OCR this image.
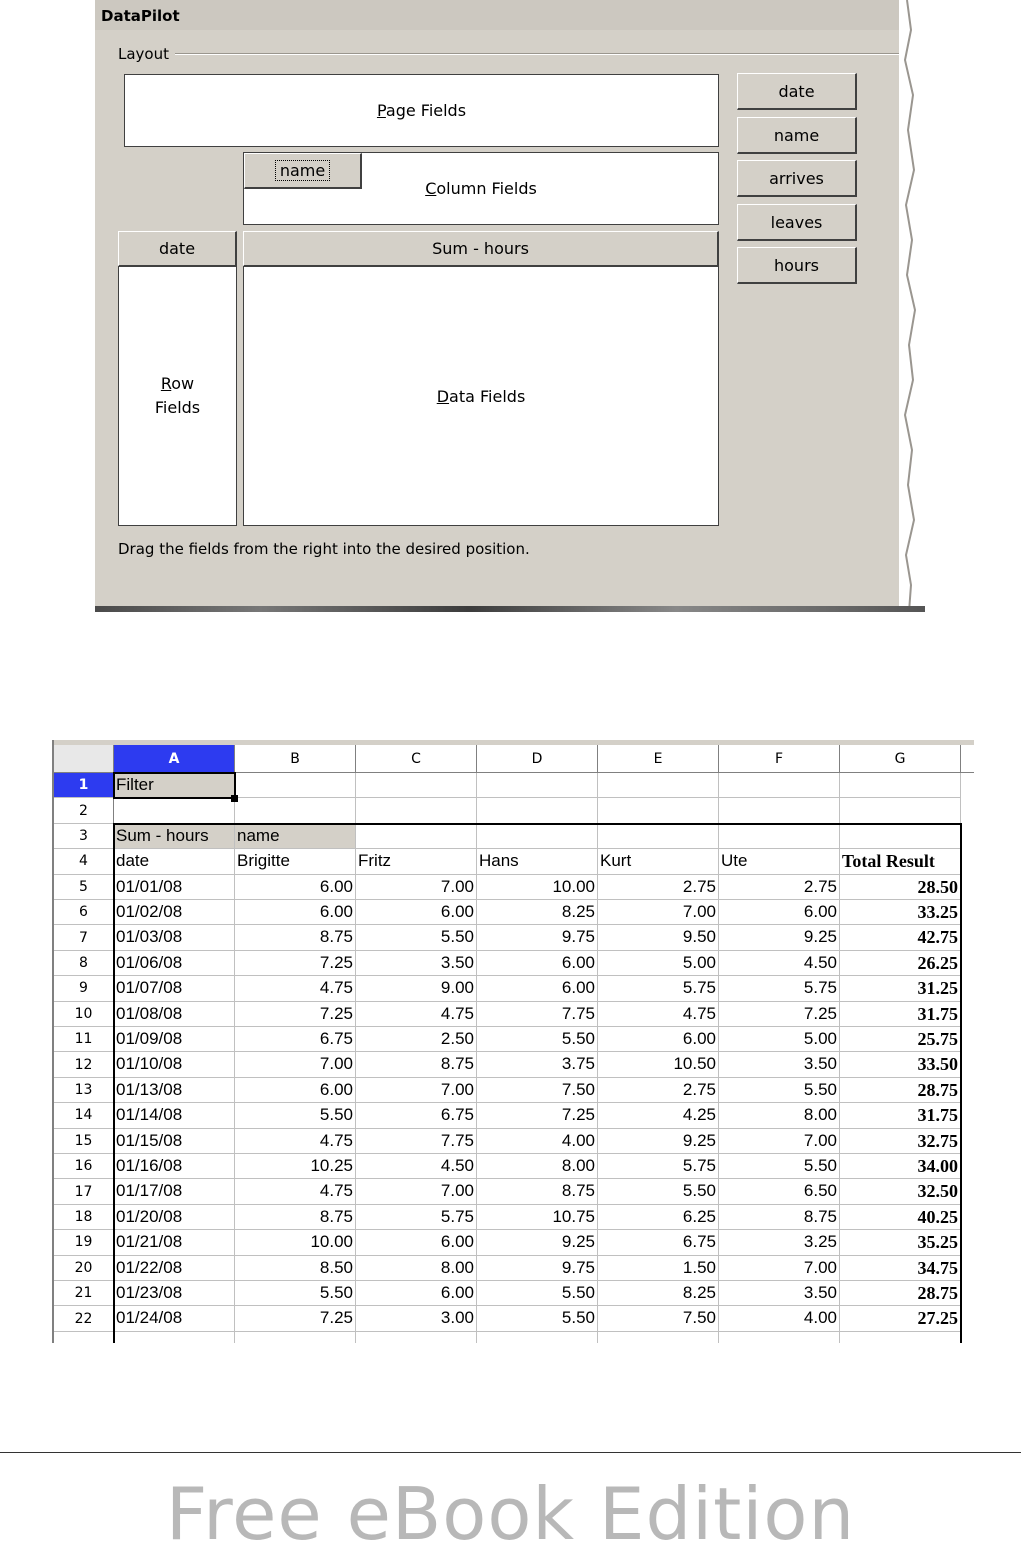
DataPilot
Layout
Page Fields
Column Fields
name
date
Row
Fields
Sum - hours
Data Fields
date
name
arrives
leaves
hours
Drag the fields from the right into the desired position.
A	B	C	D	E	F	G
1
2
3
4
5
6
7
8
9
10
11
12
13
14
15
16
17
18
19
20
21
22
Filter
Sum - hours	name
date	Brigitte	Fritz	Hans	Kurt	Ute	Total Result
01/01/08	6.00	7.00	10.00	2.75	2.75	28.50
01/02/08	6.00	6.00	8.25	7.00	6.00	33.25
01/03/08	8.75	5.50	9.75	9.50	9.25	42.75
01/06/08	7.25	3.50	6.00	5.00	4.50	26.25
01/07/08	4.75	9.00	6.00	5.75	5.75	31.25
01/08/08	7.25	4.75	7.75	4.75	7.25	31.75
01/09/08	6.75	2.50	5.50	6.00	5.00	25.75
01/10/08	7.00	8.75	3.75	10.50	3.50	33.50
01/13/08	6.00	7.00	7.50	2.75	5.50	28.75
01/14/08	5.50	6.75	7.25	4.25	8.00	31.75
01/15/08	4.75	7.75	4.00	9.25	7.00	32.75
01/16/08	10.25	4.50	8.00	5.75	5.50	34.00
01/17/08	4.75	7.00	8.75	5.50	6.50	32.50
01/20/08	8.75	5.75	10.75	6.25	8.75	40.25
01/21/08	10.00	6.00	9.25	6.75	3.25	35.25
01/22/08	8.50	8.00	9.75	1.50	7.00	34.75
01/23/08	5.50	6.00	5.50	8.25	3.50	28.75
01/24/08	7.25	3.00	5.50	7.50	4.00	27.25
Free eBook Edition
